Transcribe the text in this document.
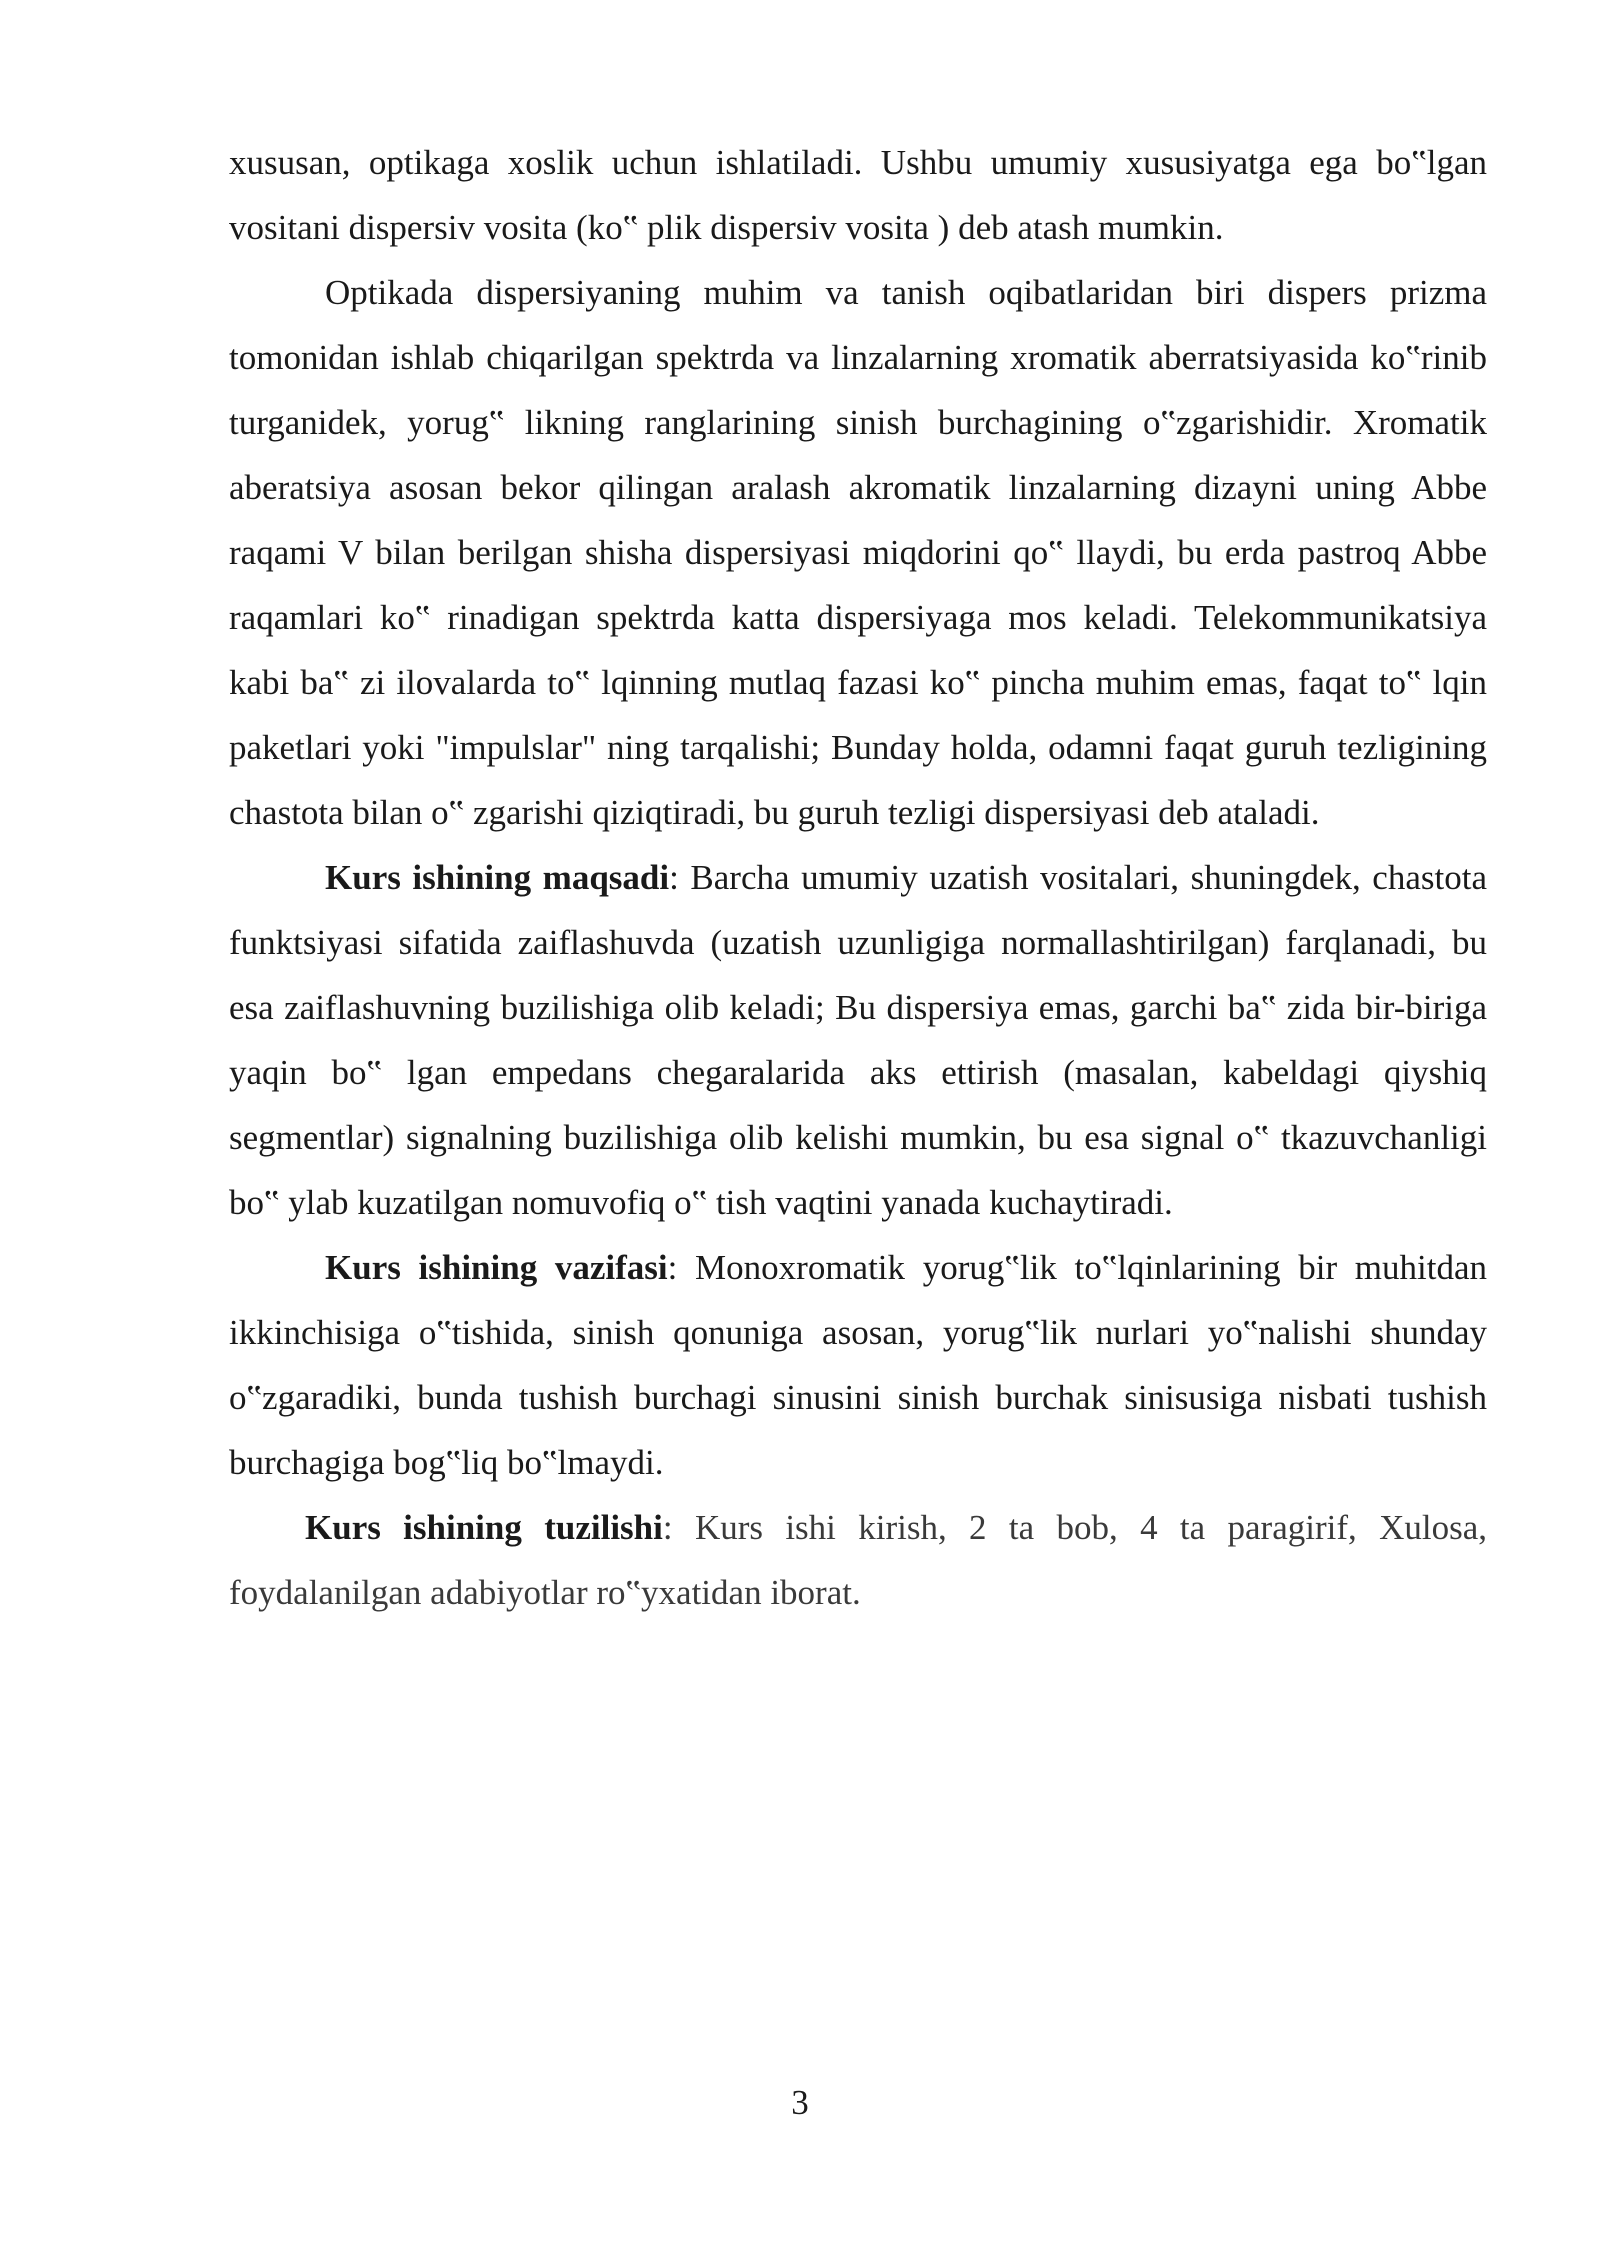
xususan, optikaga xoslik uchun ishlatiladi. Ushbu umumiy xususiyatga ega bo‟lgan vositani dispersiv vosita (ko‟ plik dispersiv vosita ) deb atash mumkin.

Optikada dispersiyaning muhim va tanish oqibatlaridan biri dispers prizma tomonidan ishlab chiqarilgan spektrda va linzalarning xromatik aberratsiyasida ko‟rinib turganidek, yorug‟ likning ranglarining sinish burchagining o‟zgarishidir. Xromatik aberatsiya asosan bekor qilingan aralash akromatik linzalarning dizayni uning Abbe raqami V bilan berilgan shisha dispersiyasi miqdorini qo‟ llaydi, bu erda pastroq Abbe raqamlari ko‟ rinadigan spektrda katta dispersiyaga mos keladi. Telekommunikatsiya kabi ba‟ zi ilovalarda to‟ lqinning mutlaq fazasi ko‟ pincha muhim emas, faqat to‟ lqin paketlari yoki "impulslar" ning tarqalishi; Bunday holda, odamni faqat guruh tezligining chastota bilan o‟ zgarishi qiziqtiradi, bu guruh tezligi dispersiyasi deb ataladi.

Kurs ishining maqsadi: Barcha umumiy uzatish vositalari, shuningdek, chastota funktsiyasi sifatida zaiflashuvda (uzatish uzunligiga normallashtirilgan) farqlanadi, bu esa zaiflashuvning buzilishiga olib keladi; Bu dispersiya emas, garchi ba‟ zida bir-biriga yaqin bo‟ lgan empedans chegaralarida aks ettirish (masalan, kabeldagi qiyshiq segmentlar) signalning buzilishiga olib kelishi mumkin, bu esa signal o‟ tkazuvchanligi bo‟ ylab kuzatilgan nomuvofiq o‟ tish vaqtini yanada kuchaytiradi.

Kurs ishining vazifasi: Monoxromatik yorug‟lik to‟lqinlarining bir muhitdan ikkinchisiga o‟tishida, sinish qonuniga asosan, yorug‟lik nurlari yo‟nalishi shunday o‟zgaradiki, bunda tushish burchagi sinusini sinish burchak sinisusiga nisbati tushish burchagiga bog‟liq bo‟lmaydi.

Kurs ishining tuzilishi: Kurs ishi kirish, 2 ta bob, 4 ta paragirif, Xulosa, foydalanilgan adabiyotlar ro‟yxatidan iborat.

3
